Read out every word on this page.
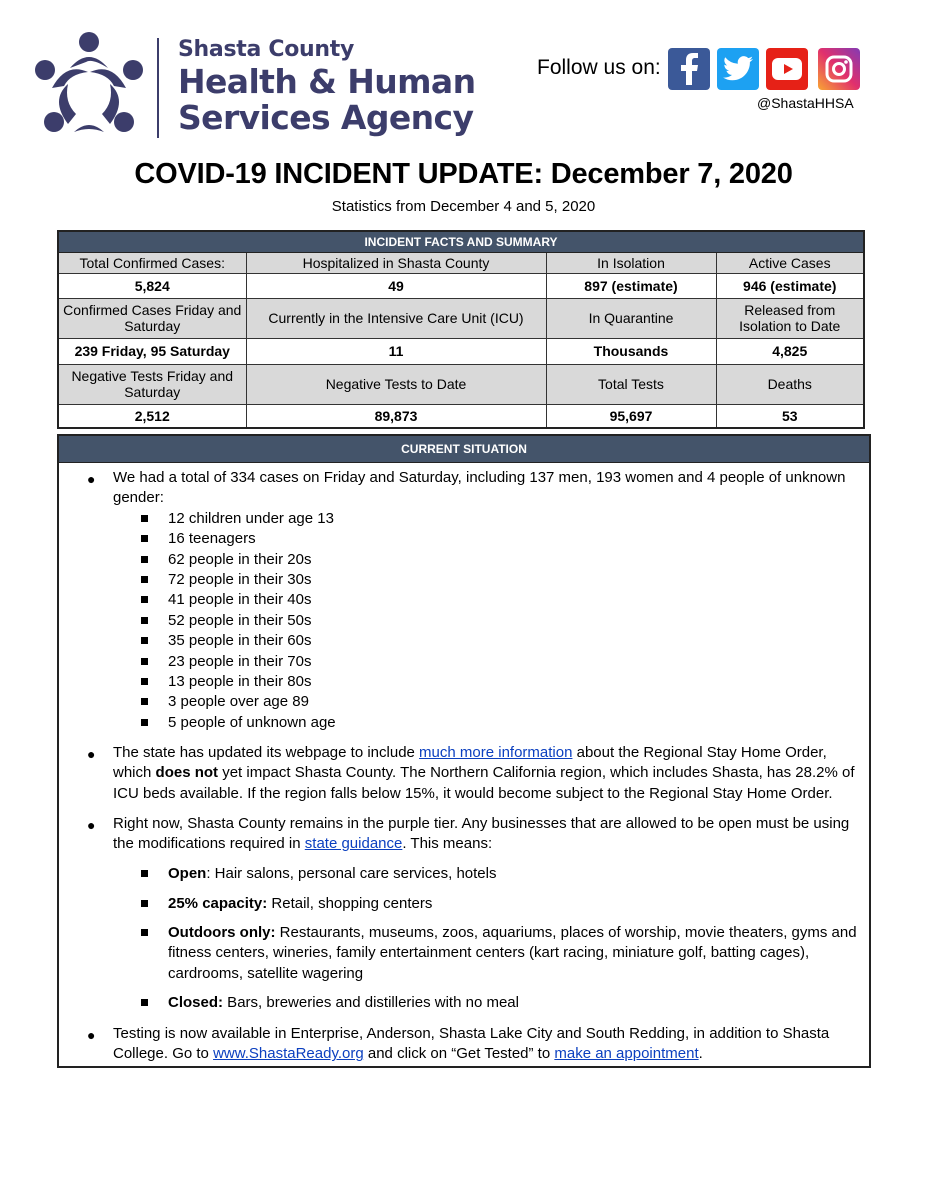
Shasta County
Health & Human
Services Agency
Follow us on:
@ShastaHHSA
COVID-19 INCIDENT UPDATE: December 7, 2020
Statistics from December 4 and 5, 2020
INCIDENT FACTS AND SUMMARY
Total Confirmed Cases:	Hospitalized in Shasta County	In Isolation	Active Cases
5,824	49	897 (estimate)	946 (estimate)
Confirmed Cases Friday and Saturday	Currently in the Intensive Care Unit (ICU)	In Quarantine	Released from Isolation to Date
239 Friday, 95 Saturday	11	Thousands	4,825
Negative Tests Friday and Saturday	Negative Tests to Date	Total Tests	Deaths
2,512	89,873	95,697	53
CURRENT SITUATION
● We had a total of 334 cases on Friday and Saturday, including 137 men, 193 women and 4 people of unknown gender:
12 children under age 13
16 teenagers
62 people in their 20s
72 people in their 30s
41 people in their 40s
52 people in their 50s
35 people in their 60s
23 people in their 70s
13 people in their 80s
3 people over age 89
5 people of unknown age
● The state has updated its webpage to include much more information about the Regional Stay Home Order, which does not yet impact Shasta County. The Northern California region, which includes Shasta, has 28.2% of ICU beds available. If the region falls below 15%, it would become subject to the Regional Stay Home Order.
● Right now, Shasta County remains in the purple tier. Any businesses that are allowed to be open must be using the modifications required in state guidance. This means:
Open: Hair salons, personal care services, hotels
25% capacity: Retail, shopping centers
Outdoors only: Restaurants, museums, zoos, aquariums, places of worship, movie theaters, gyms and fitness centers, wineries, family entertainment centers (kart racing, miniature golf, batting cages), cardrooms, satellite wagering
Closed: Bars, breweries and distilleries with no meal
● Testing is now available in Enterprise, Anderson, Shasta Lake City and South Redding, in addition to Shasta College. Go to www.ShastaReady.org and click on “Get Tested” to make an appointment.
